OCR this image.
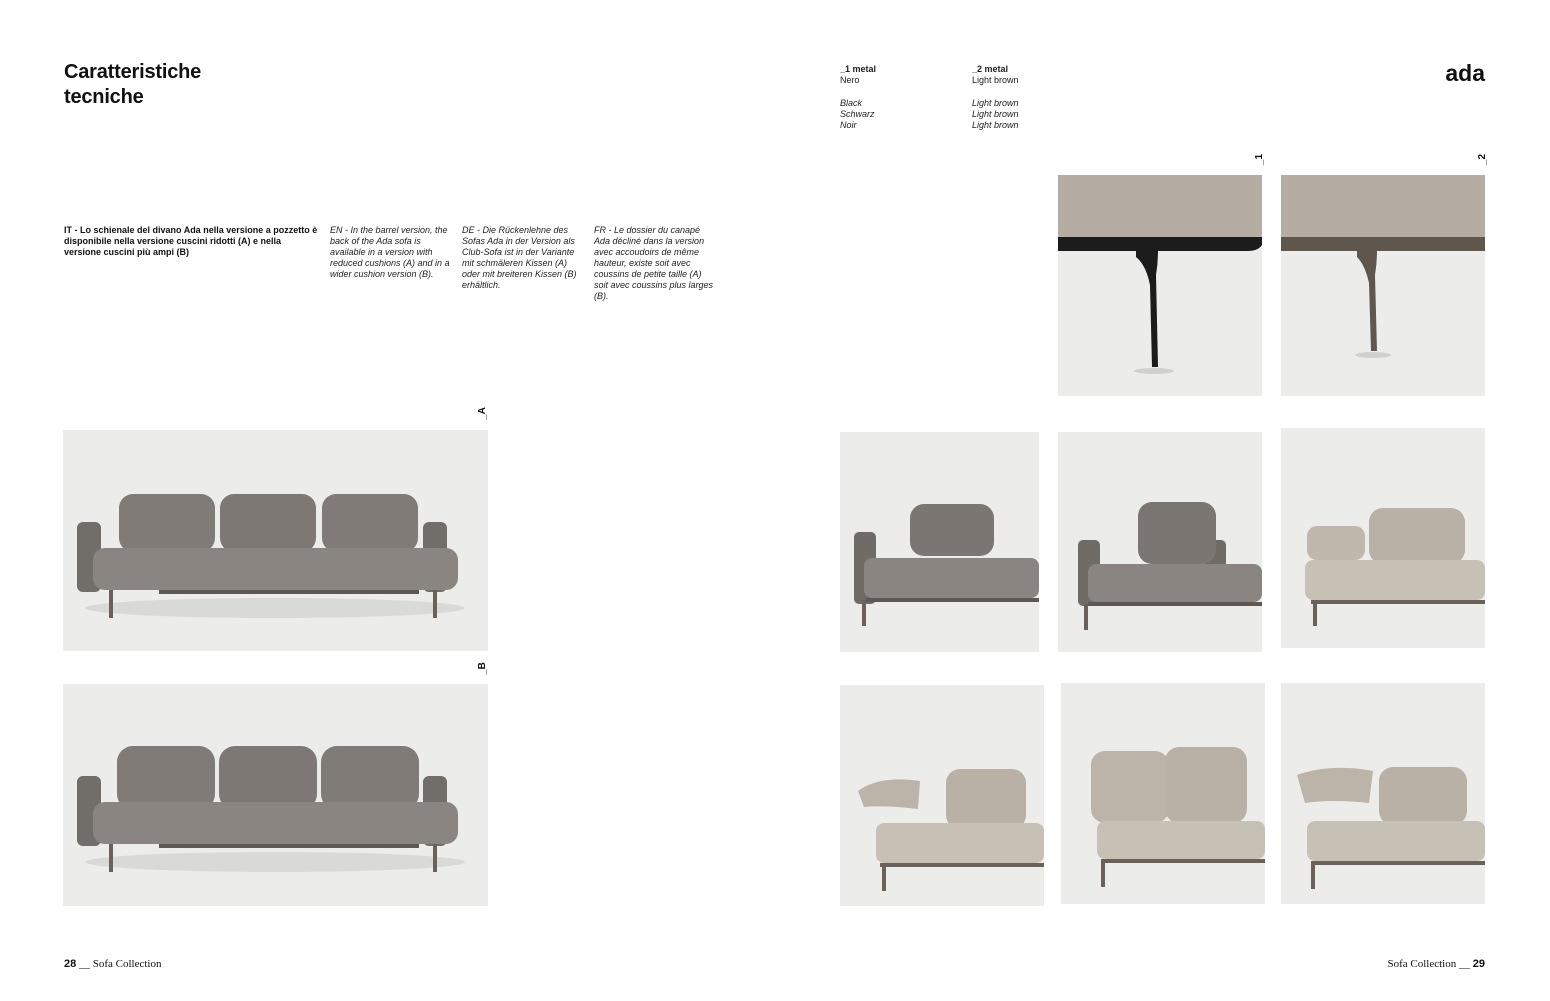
Caratteristiche
tecniche
IT - Lo schienale del divano Ada nella versione a pozzetto è disponibile nella versione cuscini ridotti (A) e nella versione cuscini più ampi (B)
EN - In the barrel version, the back of the Ada sofa is available in a version with reduced cushions (A) and in a wider cushion version (B).
DE - Die Rückenlehne des Sofas Ada in der Version als Club-Sofa ist in der Variante mit schmäleren Kissen (A) oder mit breiteren Kissen (B) erhältlich.
FR - Le dossier du canapé Ada décliné dans la version avec accoudoirs de même hauteur, existe soit avec coussins de petite taille (A) soit avec coussins plus larges (B).
_A
_B
28 __ Sofa Collection
ada
_1 metal
Nero
Black
Schwarz
Noir
_2 metal
Light brown
Light brown
Light brown
Light brown
_1	_2
Sofa Collection __ 29
